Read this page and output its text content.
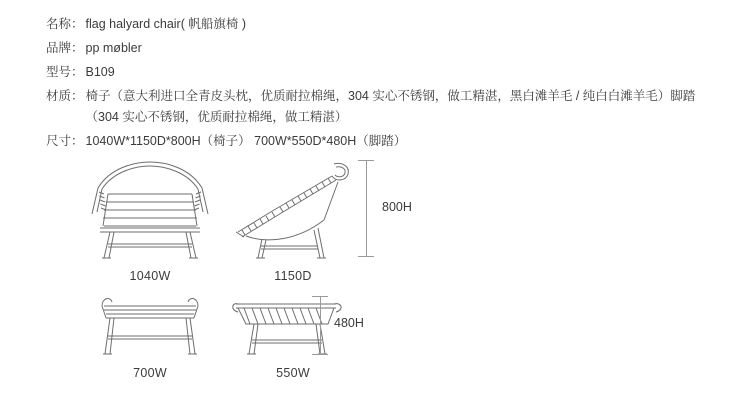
名称： flag halyard chair( 帆船旗椅 )
品牌： pp møbler
型号： B109
材质： 椅子（意大利进口全青皮头枕，优质耐拉棉绳，304 实心不锈钢，做工精湛，黑白滩羊毛 / 纯白白滩羊毛）脚踏（304 实心不锈钢，优质耐拉棉绳，做工精湛）
尺寸： 1040W*1150D*800H（椅子） 700W*550D*480H（脚踏）
1040W	1150D
800H
700W	550W
480H
